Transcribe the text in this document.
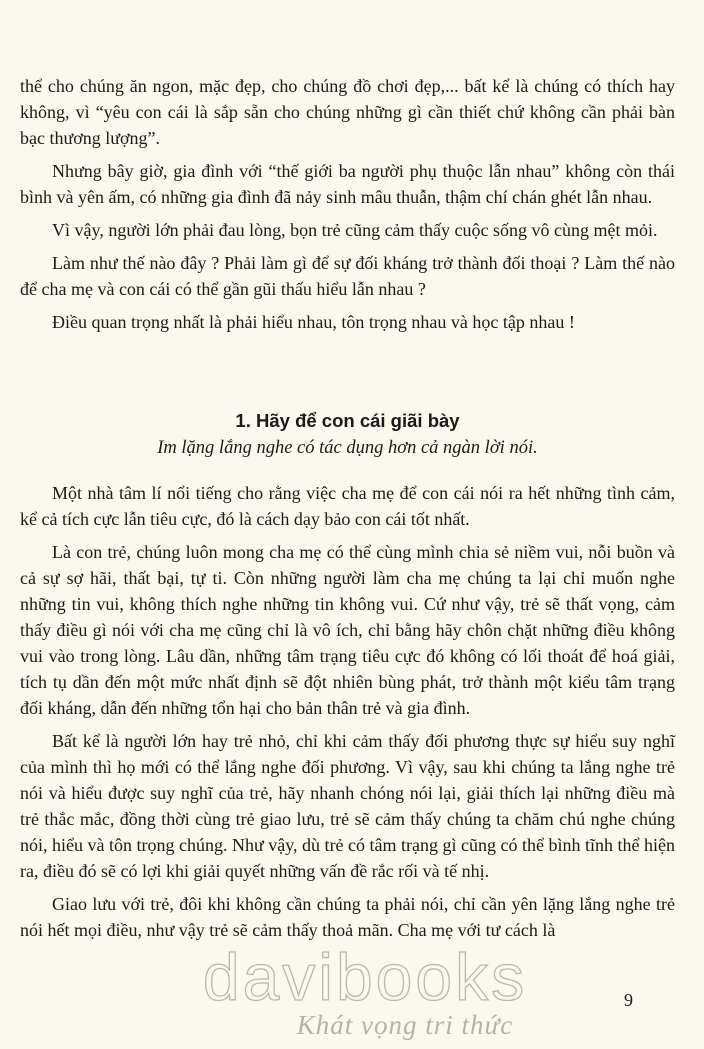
thể cho chúng ăn ngon, mặc đẹp, cho chúng đồ chơi đẹp,... bất kể là chúng có thích hay không, vì “yêu con cái là sắp sẵn cho chúng những gì cần thiết chứ không cần phải bàn bạc thương lượng”.

Nhưng bây giờ, gia đình với “thế giới ba người phụ thuộc lẫn nhau” không còn thái bình và yên ấm, có những gia đình đã nảy sinh mâu thuẫn, thậm chí chán ghét lẫn nhau.

Vì vậy, người lớn phải đau lòng, bọn trẻ cũng cảm thấy cuộc sống vô cùng mệt mỏi.

Làm như thế nào đây ? Phải làm gì để sự đối kháng trở thành đối thoại ? Làm thế nào để cha mẹ và con cái có thể gần gũi thấu hiểu lẫn nhau ?

Điều quan trọng nhất là phải hiểu nhau, tôn trọng nhau và học tập nhau !

1. Hãy để con cái giãi bày

Im lặng lắng nghe có tác dụng hơn cả ngàn lời nói.

Một nhà tâm lí nổi tiếng cho rằng việc cha mẹ để con cái nói ra hết những tình cảm, kể cả tích cực lẫn tiêu cực, đó là cách dạy bảo con cái tốt nhất.

Là con trẻ, chúng luôn mong cha mẹ có thể cùng mình chia sẻ niềm vui, nỗi buồn và cả sự sợ hãi, thất bại, tự ti. Còn những người làm cha mẹ chúng ta lại chỉ muốn nghe những tin vui, không thích nghe những tin không vui. Cứ như vậy, trẻ sẽ thất vọng, cảm thấy điều gì nói với cha mẹ cũng chỉ là vô ích, chỉ bằng hãy chôn chặt những điều không vui vào trong lòng. Lâu dần, những tâm trạng tiêu cực đó không có lối thoát để hoá giải, tích tụ dần đến một mức nhất định sẽ đột nhiên bùng phát, trở thành một kiểu tâm trạng đối kháng, dẫn đến những tổn hại cho bản thân trẻ và gia đình.

Bất kể là người lớn hay trẻ nhỏ, chỉ khi cảm thấy đối phương thực sự hiểu suy nghĩ của mình thì họ mới có thể lắng nghe đối phương. Vì vậy, sau khi chúng ta lắng nghe trẻ nói và hiểu được suy nghĩ của trẻ, hãy nhanh chóng nói lại, giải thích lại những điều mà trẻ thắc mắc, đồng thời cùng trẻ giao lưu, trẻ sẽ cảm thấy chúng ta chăm chú nghe chúng nói, hiểu và tôn trọng chúng. Như vậy, dù trẻ có tâm trạng gì cũng có thể bình tĩnh thể hiện ra, điều đó sẽ có lợi khi giải quyết những vấn đề rắc rối và tế nhị.

Giao lưu với trẻ, đôi khi không cần chúng ta phải nói, chỉ cần yên lặng lắng nghe trẻ nói hết mọi điều, như vậy trẻ sẽ cảm thấy thoả mãn. Cha mẹ với tư cách là

davibooks
Khát vọng tri thức
9
